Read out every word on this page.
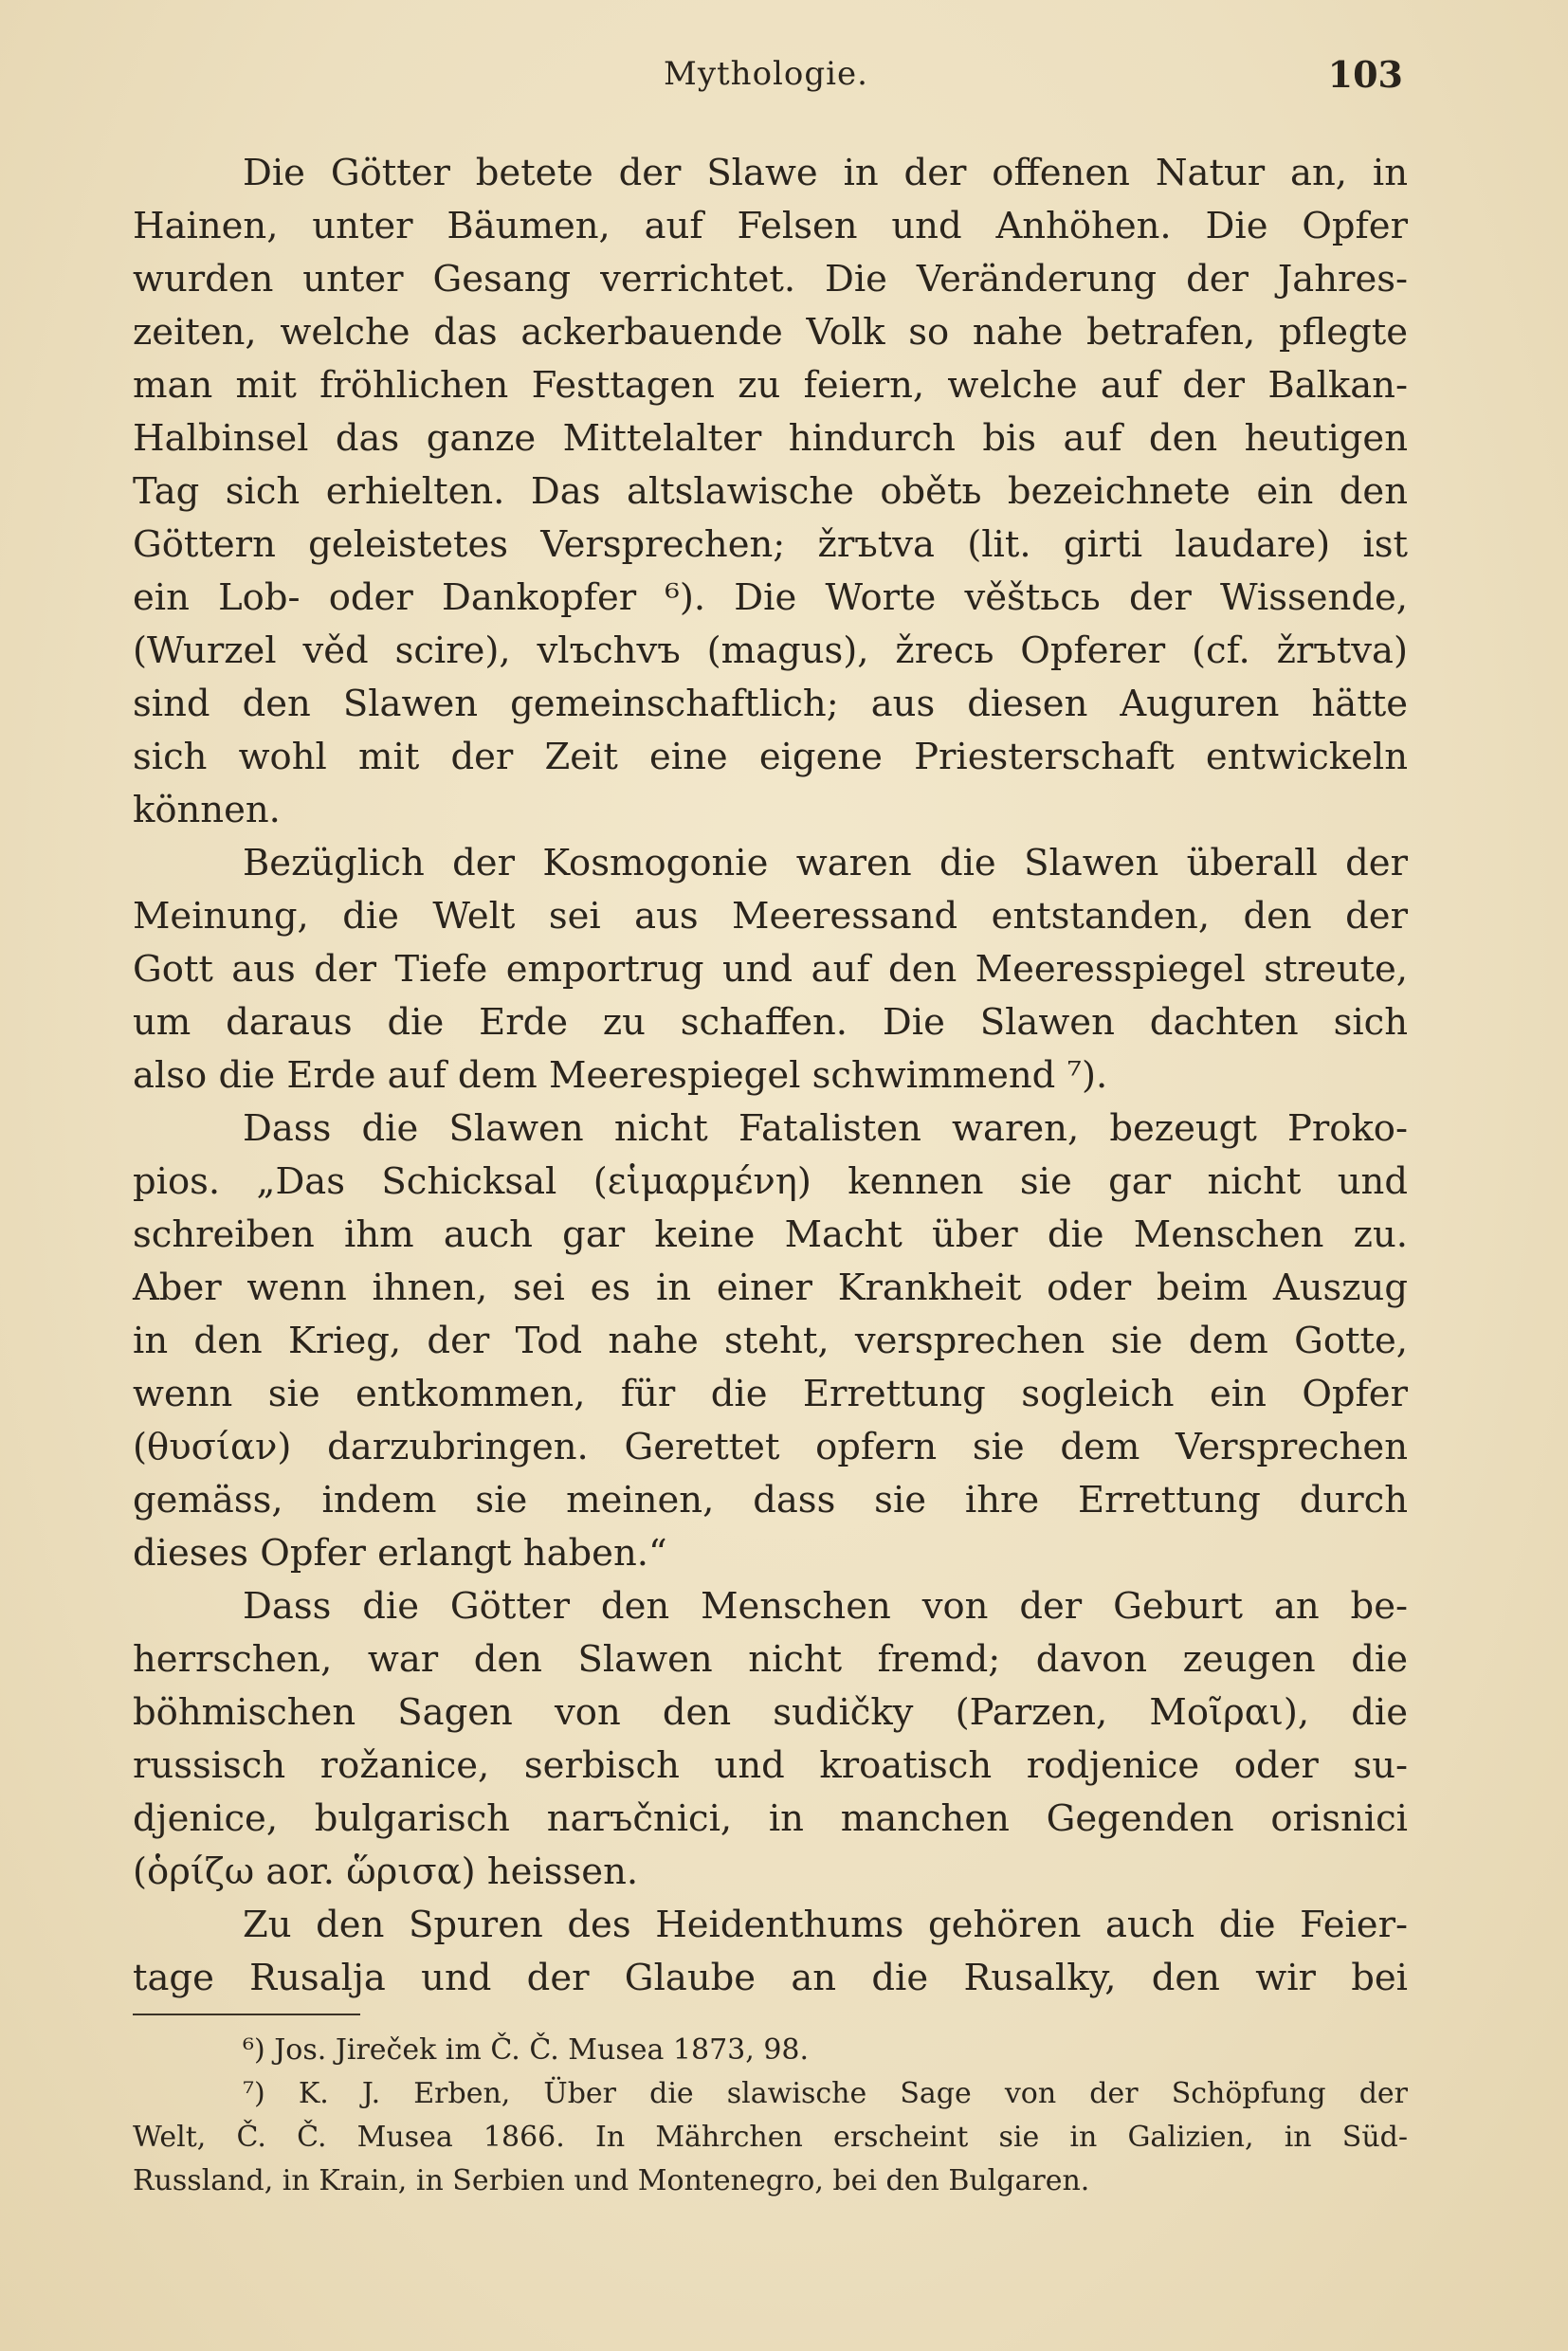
Mythologie.	103
Die Götter betete der Slawe in der offenen Natur an, in
Hainen, unter Bäumen, auf Felsen und Anhöhen. Die Opfer
wurden unter Gesang verrichtet. Die Veränderung der Jahres-
zeiten, welche das ackerbauende Volk so nahe betrafen, pflegte
man mit fröhlichen Festtagen zu feiern, welche auf der Balkan-
Halbinsel das ganze Mittelalter hindurch bis auf den heutigen
Tag sich erhielten. Das altslawische obětь bezeichnete ein den
Göttern geleistetes Versprechen; žrъtva (lit. girti laudare) ist
ein Lob- oder Dankopfer ⁶). Die Worte věštьcь der Wissende,
(Wurzel věd scire), vlъchvъ (magus), žrecь Opferer (cf. žrъtva)
sind den Slawen gemeinschaftlich; aus diesen Auguren hätte
sich wohl mit der Zeit eine eigene Priesterschaft entwickeln
können.
Bezüglich der Kosmogonie waren die Slawen überall der
Meinung, die Welt sei aus Meeressand entstanden, den der
Gott aus der Tiefe emportrug und auf den Meeresspiegel streute,
um daraus die Erde zu schaffen. Die Slawen dachten sich
also die Erde auf dem Meerespiegel schwimmend ⁷).
Dass die Slawen nicht Fatalisten waren, bezeugt Proko-
pios. „Das Schicksal (εἱμαρμένη) kennen sie gar nicht und
schreiben ihm auch gar keine Macht über die Menschen zu.
Aber wenn ihnen, sei es in einer Krankheit oder beim Auszug
in den Krieg, der Tod nahe steht, versprechen sie dem Gotte,
wenn sie entkommen, für die Errettung sogleich ein Opfer
(θυσίαν) darzubringen. Gerettet opfern sie dem Versprechen
gemäss, indem sie meinen, dass sie ihre Errettung durch
dieses Opfer erlangt haben.“
Dass die Götter den Menschen von der Geburt an be-
herrschen, war den Slawen nicht fremd; davon zeugen die
böhmischen Sagen von den sudičky (Parzen, Μοῖραι), die
russisch rožanice, serbisch und kroatisch rodjenice oder su-
djenice, bulgarisch narъčnici, in manchen Gegenden orisnici
(ὁρίζω aor. ὥρισα) heissen.
Zu den Spuren des Heidenthums gehören auch die Feier-
tage Rusalja und der Glaube an die Rusalky, den wir bei
⁶) Jos. Jireček im Č. Č. Musea 1873, 98.
⁷) K. J. Erben, Über die slawische Sage von der Schöpfung der
Welt, Č. Č. Musea 1866. In Mährchen erscheint sie in Galizien, in Süd-
Russland, in Krain, in Serbien und Montenegro, bei den Bulgaren.
